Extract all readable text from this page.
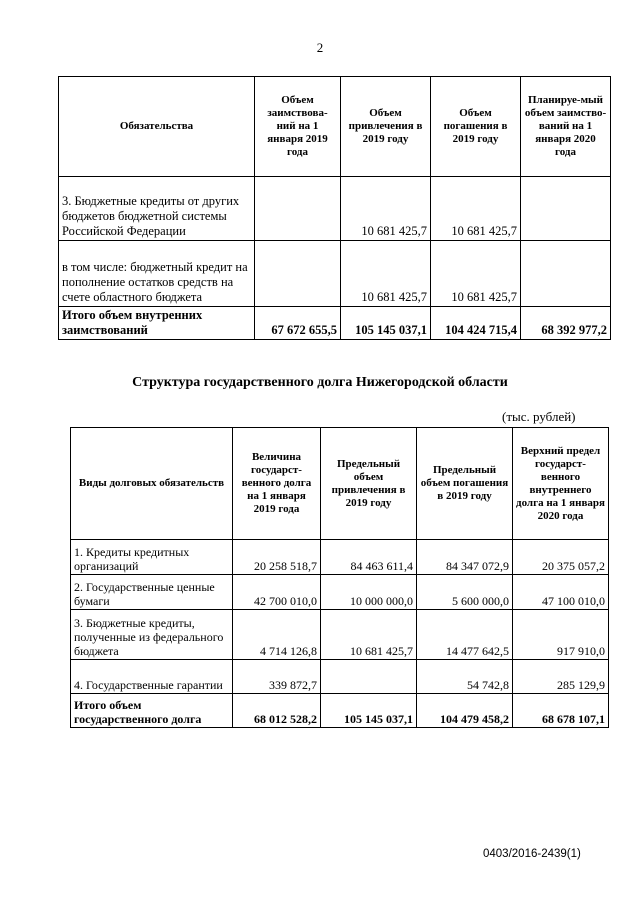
2
Обязательства	Объем заимствова-ний на 1 января 2019 года	Объем привлечения в 2019 году	Объем погашения в 2019 году	Планируе-мый объем заимство-ваний на 1 января 2020 года
3. Бюджетные кредиты от других бюджетов бюджетной системы Российской Федерации		10 681 425,7	10 681 425,7	
в том числе: бюджетный кредит на пополнение остатков средств на счете областного бюджета		10 681 425,7	10 681 425,7	
Итого объем внутренних заимствований	67 672 655,5	105 145 037,1	104 424 715,4	68 392 977,2
Структура государственного долга Нижегородской области
(тыс. рублей)
Виды долговых обязательств	Величина государст-венного долга на 1 января 2019 года	Предельный объем привлечения в 2019 году	Предельный объем погашения в 2019 году	Верхний предел государст-венного внутреннего долга на 1 января 2020 года
1. Кредиты кредитных организаций	20 258 518,7	84 463 611,4	84 347 072,9	20 375 057,2
2. Государственные ценные бумаги	42 700 010,0	10 000 000,0	5 600 000,0	47 100 010,0
3. Бюджетные кредиты, полученные из федерального бюджета	4 714 126,8	10 681 425,7	14 477 642,5	917 910,0
4. Государственные гарантии	339 872,7		54 742,8	285 129,9
Итого объем государственного долга	68 012 528,2	105 145 037,1	104 479 458,2	68 678 107,1
0403/2016-2439(1)
